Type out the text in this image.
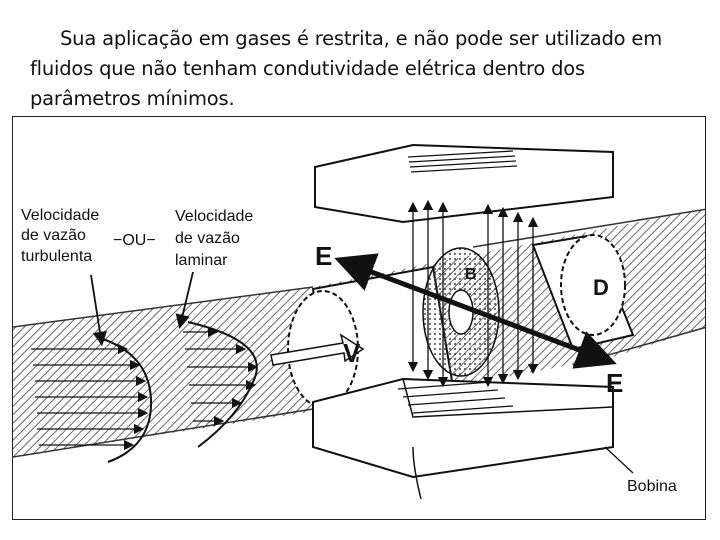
Sua aplicação em gases é restrita, e não pode ser utilizado em fluidos que não tenham condutividade elétrica dentro dos parâmetros mínimos.
E
E
V
B
D
Velocidade
de vazão
turbulenta
−OU−
Velocidade
de vazão
laminar
Bobina
